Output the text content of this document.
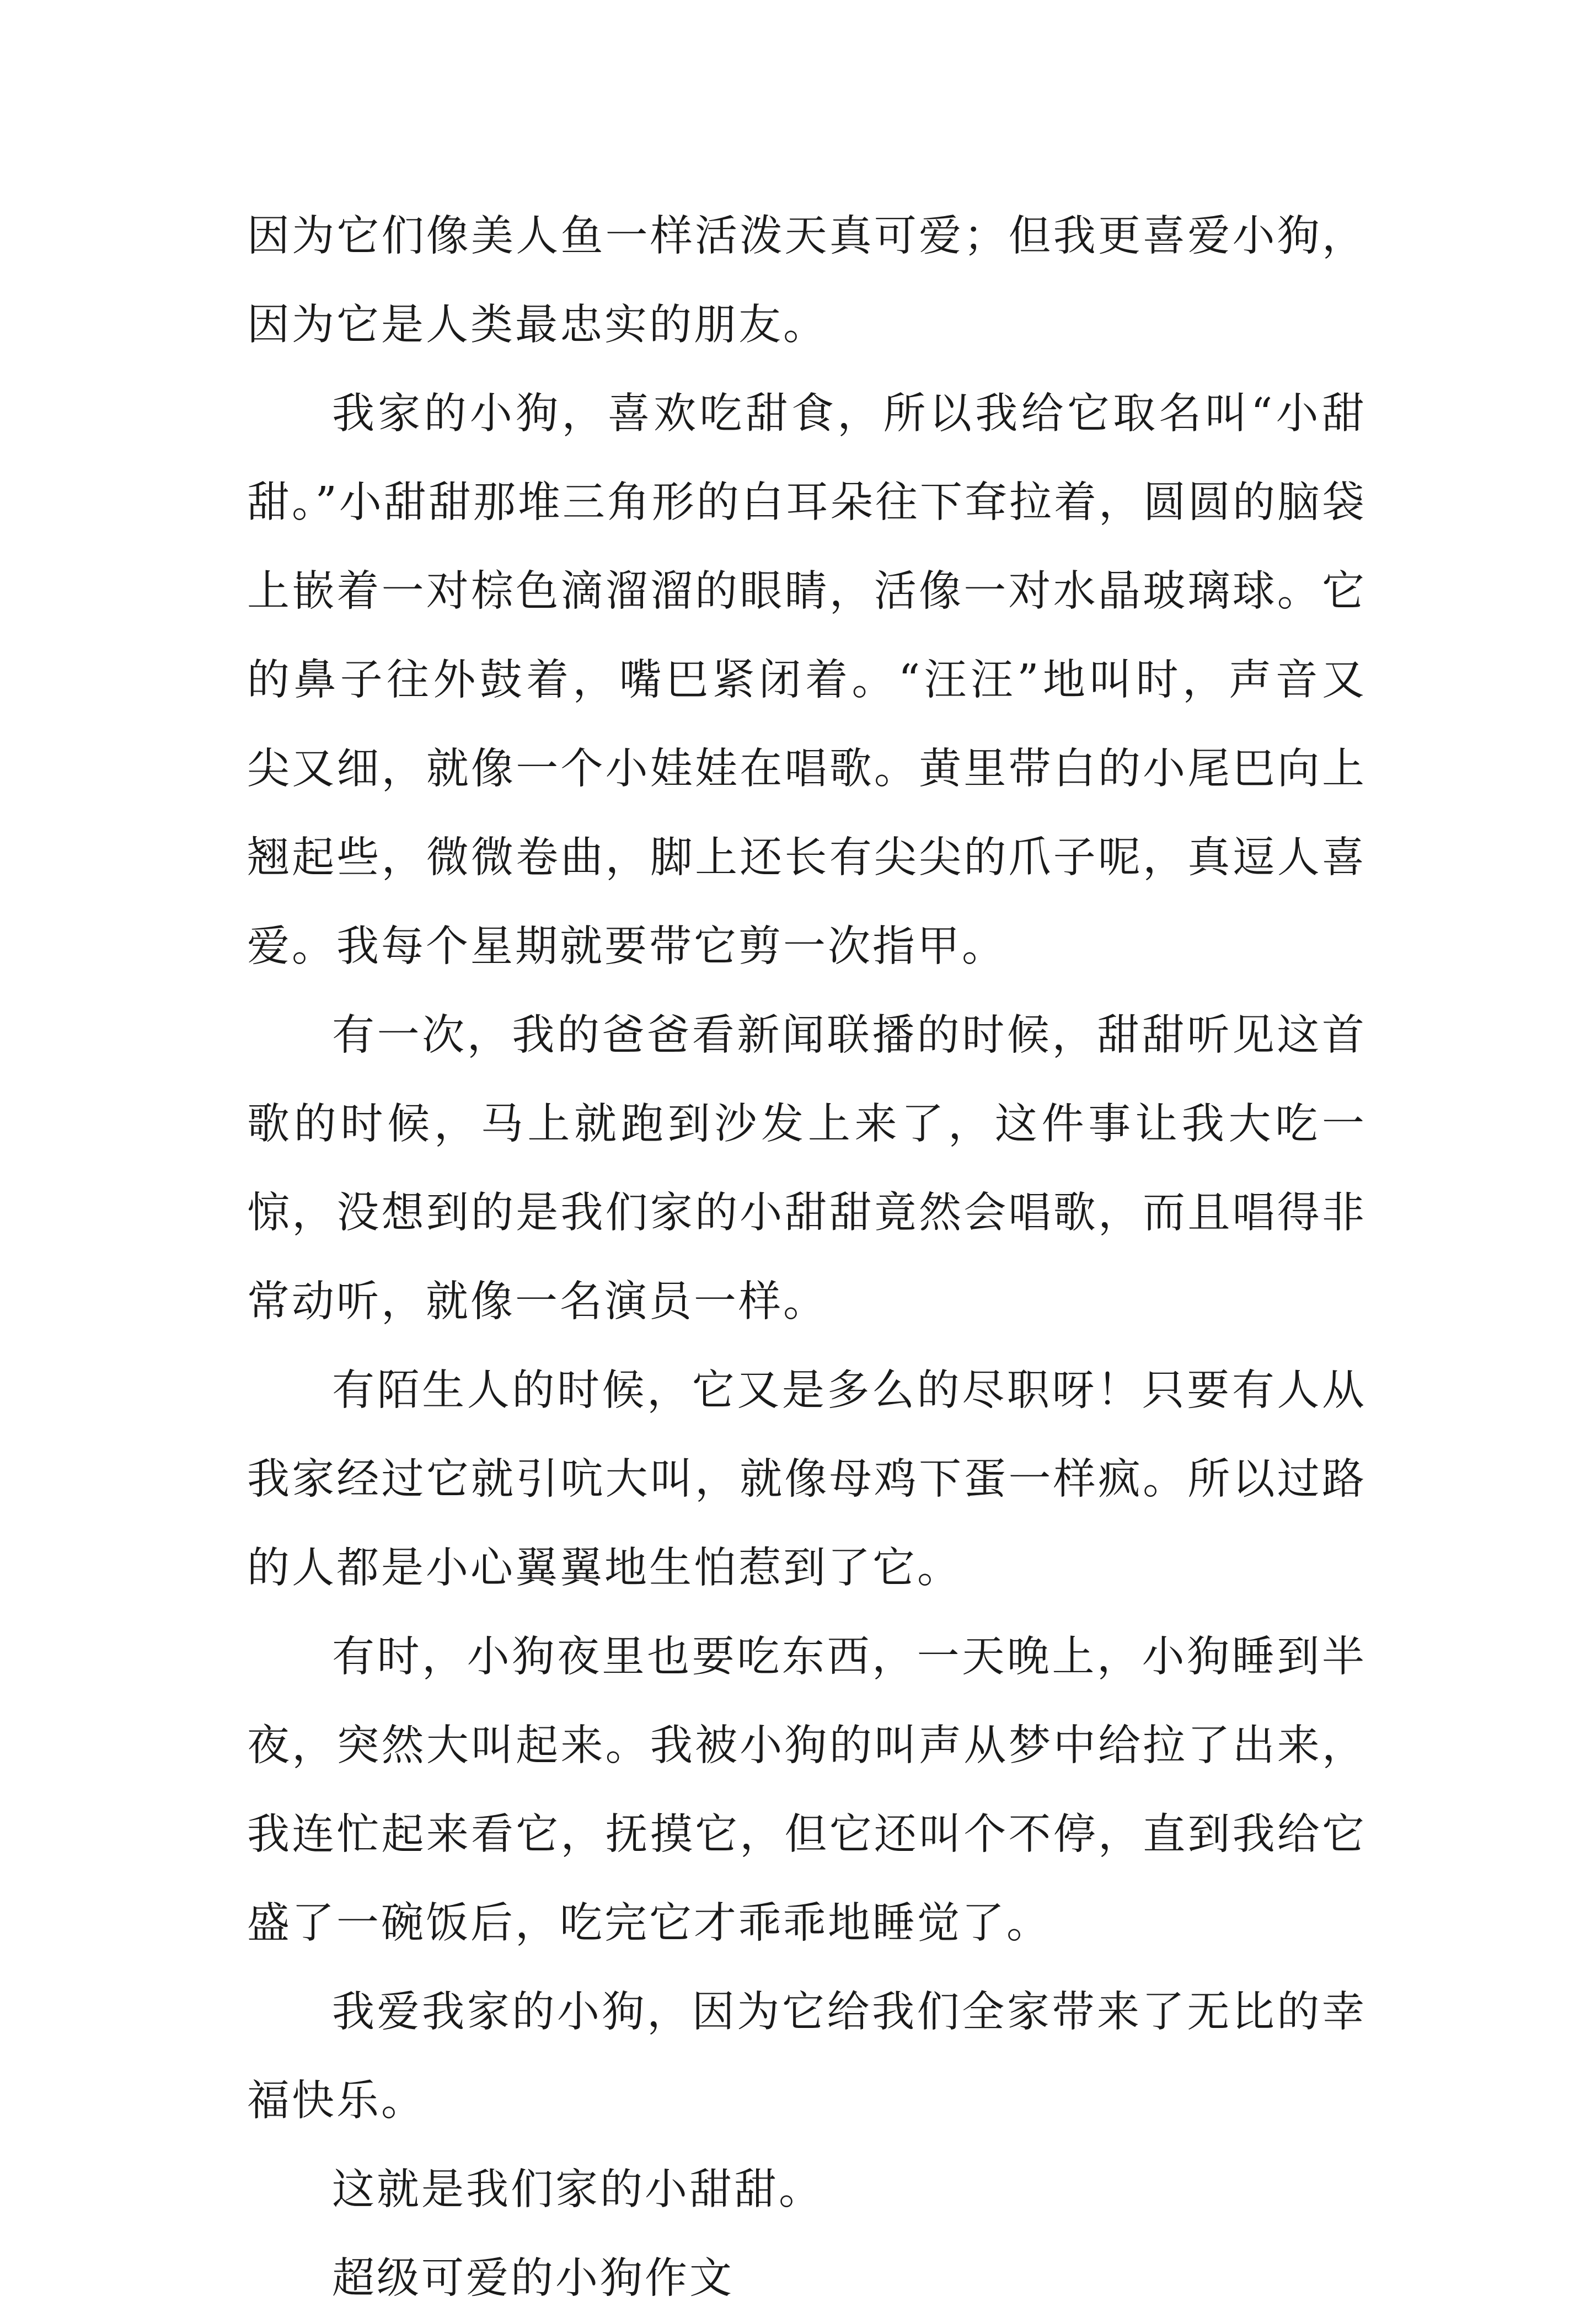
因为它们像美人鱼一样活泼天真可爱；但我更喜爱小狗，因为它是人类最忠实的朋友。

我家的小狗，喜欢吃甜食，所以我给它取名叫“小甜甜。”小甜甜那堆三角形的白耳朵往下耷拉着，圆圆的脑袋上嵌着一对棕色滴溜溜的眼睛，活像一对水晶玻璃球。它的鼻子往外鼓着，嘴巴紧闭着。“汪汪”地叫时，声音又尖又细，就像一个小娃娃在唱歌。黄里带白的小尾巴向上翘起些，微微卷曲，脚上还长有尖尖的爪子呢，真逗人喜爱。我每个星期就要带它剪一次指甲。

有一次，我的爸爸看新闻联播的时候，甜甜听见这首歌的时候，马上就跑到沙发上来了，这件事让我大吃一惊，没想到的是我们家的小甜甜竟然会唱歌，而且唱得非常动听，就像一名演员一样。

有陌生人的时候，它又是多么的尽职呀！只要有人从我家经过它就引吭大叫，就像母鸡下蛋一样疯。所以过路的人都是小心翼翼地生怕惹到了它。

有时，小狗夜里也要吃东西，一天晚上，小狗睡到半夜，突然大叫起来。我被小狗的叫声从梦中给拉了出来，我连忙起来看它，抚摸它，但它还叫个不停，直到我给它盛了一碗饭后，吃完它才乖乖地睡觉了。

我爱我家的小狗，因为它给我们全家带来了无比的幸福快乐。

这就是我们家的小甜甜。

超级可爱的小狗作文
